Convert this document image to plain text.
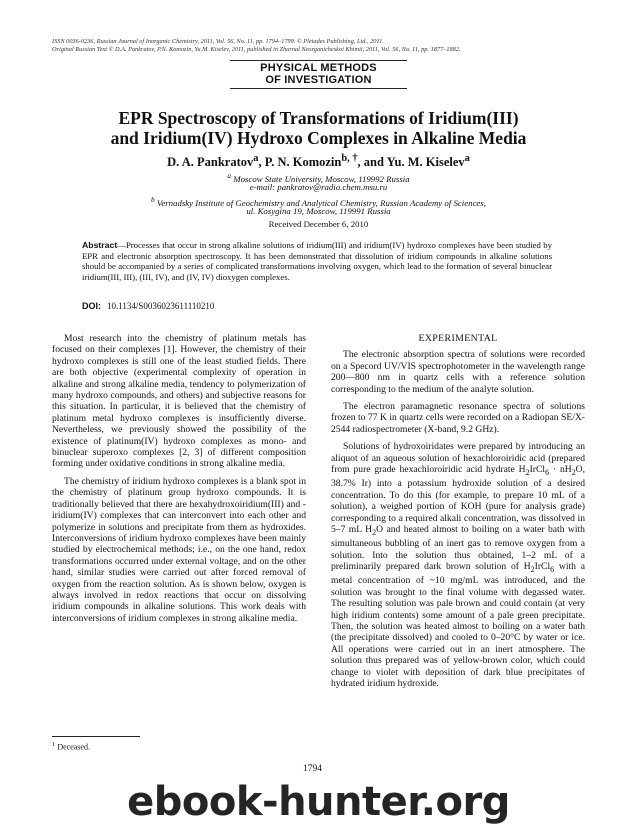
ISSN 0036-0236, Russian Journal of Inorganic Chemistry, 2011, Vol. 56, No. 11, pp. 1794–1799. © Pleiades Publishing, Ltd., 2011.
Original Russian Text © D.A. Pankratov, P.N. Komozin, Yu.M. Kiselev, 2011, published in Zhurnal Neorganicheskoi Khimii, 2011, Vol. 56, No. 11, pp. 1877–1882.
PHYSICAL METHODS
OF INVESTIGATION
EPR Spectroscopy of Transformations of Iridium(III)
and Iridium(IV) Hydroxo Complexes in Alkaline Media
D. A. Pankratov$^a$, P. N. Komozin$^{b, \dagger}$, and Yu. M. Kiselev$^a$
$^a$ Moscow State University, Moscow, 119992 Russia
e-mail: pankratov@radio.chem.msu.ru
$^b$ Vernadsky Institute of Geochemistry and Analytical Chemistry, Russian Academy of Sciences,
ul. Kosygina 19, Moscow, 119991 Russia
Received December 6, 2010
Abstract—Processes that occur in strong alkaline solutions of iridium(III) and iridium(IV) hydroxo complexes have been studied by EPR and electronic absorption spectroscopy. It has been demonstrated that dissolution of iridium compounds in alkaline solutions should be accompanied by a series of complicated transformations involving oxygen, which lead to the formation of several binuclear iridium(III, III), (III, IV), and (IV, IV) dioxygen complexes.
DOI: 10.1134/S0036023611110210

Most research into the chemistry of platinum metals has focused on their complexes [1]. However, the chemistry of their hydroxo complexes is still one of the least studied fields. There are both objective (experimental complexity of operation in alkaline and strong alkaline media, tendency to polymerization of many hydroxo compounds, and others) and subjective reasons for this situation. In particular, it is believed that the chemistry of platinum metal hydroxo complexes is insufficiently diverse. Nevertheless, we previously showed the possibility of the existence of platinum(IV) hydroxo complexes as mono- and binuclear superoxo complexes [2, 3] of different composition forming under oxidative conditions in strong alkaline media.

The chemistry of iridium hydroxo complexes is a blank spot in the chemistry of platinum group hydroxo compounds. It is traditionally believed that there are hexahydroxoiridium(III) and -iridium(IV) complexes that can interconvert into each other and polymerize in solutions and precipitate from them as hydroxides. Interconversions of iridium hydroxo complexes have been mainly studied by electrochemical methods; i.e., on the one hand, redox transformations occurred under external voltage, and on the other hand, similar studies were carried out after forced removal of oxygen from the reaction solution. As is shown below, oxygen is always involved in redox reactions that occur on dissolving iridium compounds in alkaline solutions. This work deals with interconversions of iridium complexes in strong alkaline media.

EXPERIMENTAL

The electronic absorption spectra of solutions were recorded on a Specord UV/VIS spectrophotometer in the wavelength range 200—800 nm in quartz cells with a reference solution corresponding to the medium of the analyte solution.

The electron paramagnetic resonance spectra of solutions frozen to 77 K in quartz cells were recorded on a Radiopan SE/X-2544 radiospectrometer (X-band, 9.2 GHz).

Solutions of hydroxoiridates were prepared by introducing an aliquot of an aqueous solution of hexachloroiridic acid (prepared from pure grade hexachloroiridic acid hydrate $H_2IrCl_6 \cdot nH_2O$, 38.7% Ir) into a potassium hydroxide solution of a desired concentration. To do this (for example, to prepare 10 mL of a solution), a weighed portion of KOH (pure for analysis grade) corresponding to a required alkali concentration, was dissolved in 5–7 mL $H_2O$ and heated almost to boiling on a water bath with simultaneous bubbling of an inert gas to remove oxygen from a solution. Into the solution thus obtained, 1–2 mL of a preliminarily prepared dark brown solution of $H_2IrCl_6$ with a metal concentration of ~10 mg/mL was introduced, and the solution was brought to the final volume with degassed water. The resulting solution was pale brown and could contain (at very high iridium contents) some amount of a pale green precipitate. Then, the solution was heated almost to boiling on a water bath (the precipitate dissolved) and cooled to 0–20°C by water or ice. All operations were carried out in an inert atmosphere. The solution thus prepared was of yellow-brown color, which could change to violet with deposition of dark blue precipitates of hydrated iridium hydroxide.

$^1$ Deceased.
1794
ebook-hunter.org
